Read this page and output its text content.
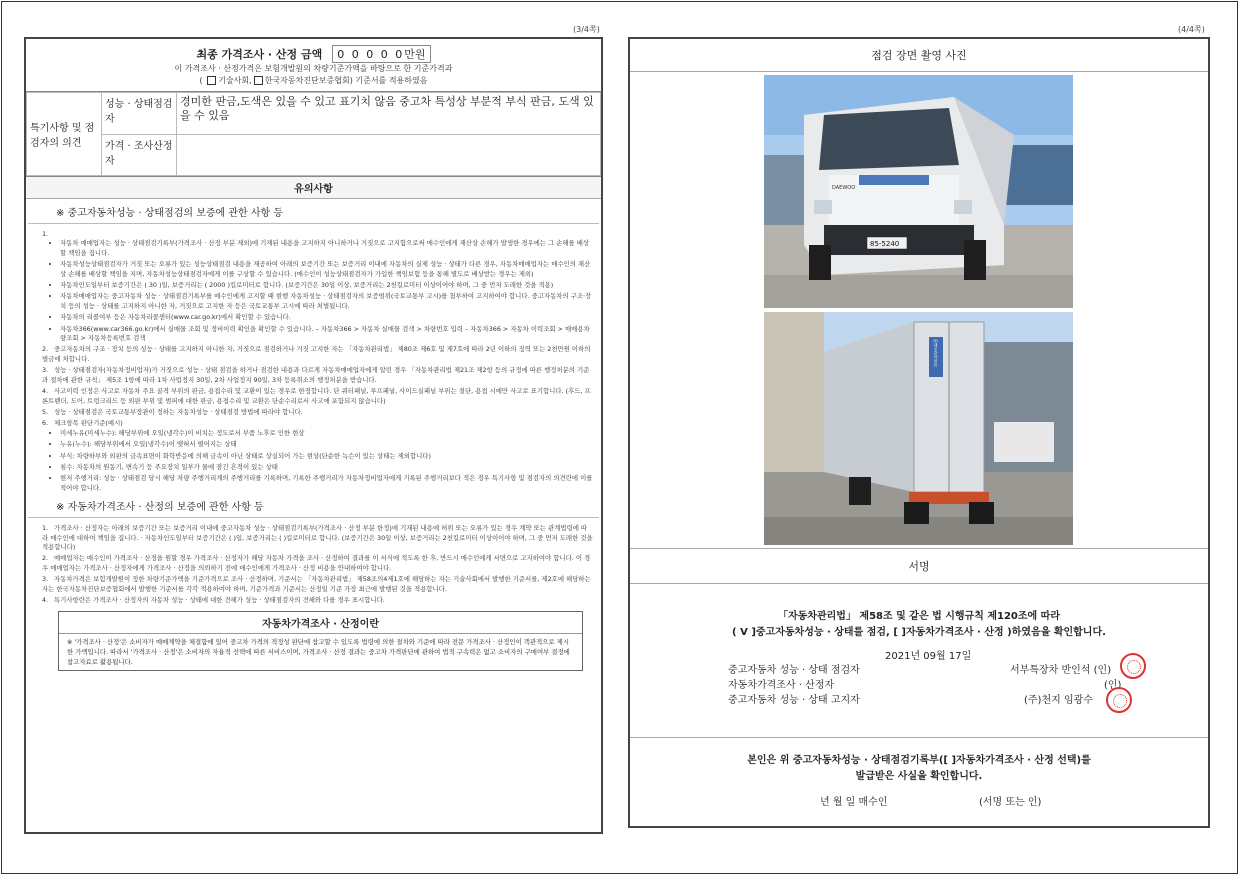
(3/4쪽)	(4/4쪽)
최종 가격조사 · 산정 금액 0 0 0 0 0만원
이 가격조사 · 산정가격은 보험개발원의 차량기준가액을 바탕으로 한 기준가격과
( 기술사회, 한국자동차진단보증협회) 기준서를 적용하였음
특기사항 및 점검자의 의견	성능 · 상태점검자	경미한 판금,도색은 있을 수 있고 표기치 않음 중고차 특성상 부분적 부식 판금, 도색 있을 수 있음
	가격 · 조사산정자	
유의사항
※ 중고자동차성능 · 상태점검의 보증에 관한 사항 등
1.
• 자동차 매매업자는 성능 · 상태점검기록부(가격조사 · 산정 부분 제외)에 기재된 내용을 고지하지 아니하거나 거짓으로 고지함으로써 매수인에게 재산상 손해가 발생한 경우에는 그 손해를 배상할 책임을 집니다.
• 자동차성능상태점검자가 거짓 또는 오류가 있는 성능상태점검 내용을 제공하여 아래의 보증기간 또는 보증거리 이내에 자동차의 실제 성능 · 상태가 다른 경우, 자동차매매업자는 매수인의 재산상 손해를 배상할 책임을 지며, 자동차성능상태점검자에게 이를 구상할 수 있습니다. (매수인이 성능상태점검자가 가입한 책임보험 등을 통해 별도로 배상받는 경우는 제외)
• 자동차인도일부터 보증기간은 ( 30 )일, 보증거리는 ( 2000 )킬로미터로 합니다. (보증기간은 30일 이상, 보증거리는 2천킬로미터 이상이어야 하며, 그 중 먼저 도래한 것을 적용)
• 자동차매매업자는 중고자동차 성능 · 상태점검기록부를 매수인에게 고지할 때 현행 자동차성능 · 상태점검자의 보증범위(국토교통부 고시)를 첨부하여 고지하여야 합니다. 중고자동차의 구조·장치 등의 성능 · 상태를 고지하지 아니한 자, 거짓으로 고지한 자 등은 국토교통부 고시에 따라 처벌됩니다.
• 자동차의 리콜여부 등은 자동차리콜센터(www.car.go.kr)에서 확인할 수 있습니다.
• 자동차366(www.car366.go.kr)에서 실매물 조회 및 정비이력 확인을 확인할 수 있습니다. – 자동차366 > 자동차 실매물 검색 > 차량번호 입력 – 자동차366 > 자동차 이력조회 > 매매용차량조회 > 자동차등록번호 검색
2. 중고자동차의 구조 · 장치 등의 성능 · 상태를 고지하지 아니한 자, 거짓으로 점검하거나 거짓 고지한 자는 「자동차관리법」 제80조 제6호 및 제7호에 따라 2년 이하의 징역 또는 2천만원 이하의 벌금에 처합니다.
3. 성능 · 상태점검자(자동차정비업자)가 거짓으로 성능 · 상태 점검을 하거나 점검한 내용과 다르게 자동차매매업자에게 알린 경우 「자동차관리법 제21조 제2항 등의 규정에 따른 행정처분의 기준과 절차에 관한 규칙」 제5조 1항에 따라 1차 사업정지 30일, 2차 사업정지 90일, 3차 등록취소의 행정처분을 받습니다.
4. 사고이력 인정은 사고로 자동차 주요 골격 부위의 판금, 용접수리 및 교환이 있는 경우로 한정합니다. 단 쿼터패널, 루프패널, 사이드실패널 부위는 절단, 용접 시에만 사고로 표기합니다. (후드, 프론트펜더, 도어, 트렁크리드 등 외판 부위 및 범퍼에 대한 판금, 용접수리 및 교환은 단순수리로서 사고에 포함되지 않습니다)
5. 성능 · 상태점검은 국토교통부장관이 정하는 자동차성능 · 상태점검 방법에 따라야 합니다.
6. 체크항목 판단기준(예시)
• 미세누유(미세누수): 해당부위에 오일(냉각수)이 비치는 정도로서 부품 노후로 인한 현상
• 누유(누수): 해당부위에서 오일(냉각수)이 맺혀서 떨어지는 상태
• 부식: 차량하부와 외판의 금속표면이 화학반응에 의해 금속이 아닌 상태로 상실되어 가는 현상(단순한 녹슨이 있는 상태는 제외합니다)
• 침수: 자동차의 원동기, 변속기 등 주요장치 일부가 물에 잠긴 흔적이 있는 상태
• 현저 주행거리: 성능 · 상태점검 당시 해당 차량 주행거리계의 주행거리를 기록하며, 기록한 주행거리가 자동차정비업자에게 기록된 주행거리보다 적은 경우 특기사항 및 점검자의 의견란에 이를 적어야 합니다.
※ 자동차가격조사 · 산정의 보증에 관한 사항 등
1. 가격조사 · 산정자는 아래의 보증기간 또는 보증거리 이내에 중고자동차 성능 · 상태점검기록부(가격조사 · 산정 부분 한정)에 기재된 내용에 허위 또는 오류가 있는 경우 계약 또는 관계법령에 따라 매수인에 대하여 책임을 집니다. · 자동차인도일부터 보증기간은 ( )일, 보증거리는 ( )킬로미터로 합니다. (보증기간은 30일 이상, 보증거리는 2천킬로미터 이상이어야 하며, 그 중 먼저 도래한 것을 적용합니다)
2. 매매업자는 매수인이 가격조사 · 산정을 원할 경우 가격조사 · 산정자가 해당 자동차 가격을 조사 · 산정하여 결과를 이 서식에 적도록 한 후, 반드시 매수인에게 서면으로 고지하여야 합니다. 이 경우 매매업자는 가격조사 · 산정자에게 가격조사 · 산정을 의뢰하기 전에 매수인에게 가격조사 · 산정 비용을 안내하여야 합니다.
3. 자동차가격은 보험개발원이 정한 차량기준가액을 기준가격으로 조사 · 산정하며, 기준서는 「자동차관리법」 제58조의4제1호에 해당하는 자는 기술사회에서 발행한 기준서를, 제2호에 해당하는 자는 한국자동차진단보증협회에서 발행한 기준서를 각각 적용하여야 하며, 기준가격과 기준서는 산정일 기준 가장 최근에 발행된 것을 적용합니다.
4. 특기사항란은 가격조사 · 산정자의 자동차 성능 · 상태에 대한 견해가 성능 · 상태점검자의 견해와 다를 경우 표시합니다.
자동차가격조사 · 산정이란
※ '가격조사 · 산정'은 소비자가 매매계약을 체결함에 있어 중고차 가격의 적정성 판단에 참고할 수 있도록 법령에 의한 절차와 기준에 따라 전문 가격조사 · 산정인이 객관적으로 제시한 가액입니다. 따라서 '가격조사 · 산정'은 소비자의 자율적 선택에 따른 서비스이며, 가격조사 · 산정 결과는 중고차 가격판단에 관하여 법적 구속력은 없고 소비자의 구매여부 결정에 참고자료로 활용됩니다.
점검 장면 촬영 사진
DAEWOO
85-5240
㈜대주한마물류
서명
「자동차관리법」 제58조 및 같은 법 시행규칙 제120조에 따라
( V ]중고자동차성능 · 상태를 점검, [ ]자동차가격조사 · 산정 )하였음을 확인합니다.
2021년 09월 17일
중고자동차 성능 · 상태 점검자	서부특장차 반인석 (인)
자동차가격조사 · 산정자	(인)
중고자동차 성능 · 상태 고지자	(주)천지 임광수
본인은 위 중고자동차성능 · 상태점검기록부([ ]자동차가격조사 · 산정 선택)를
발급받은 사실을 확인합니다.
년 월 일 매수인	(서명 또는 인)
